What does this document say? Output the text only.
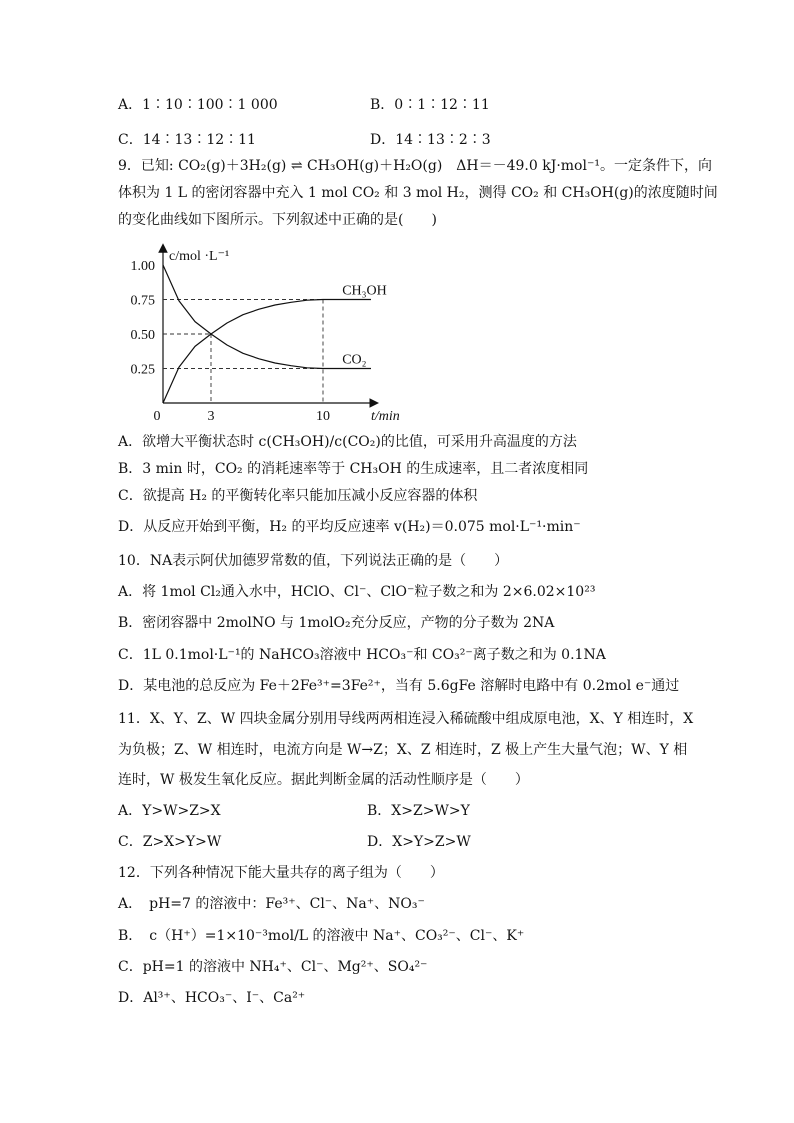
A．1∶10∶100∶1 000	B．0∶1∶12∶11
C．14∶13∶12∶11	D．14∶13∶2∶3
9．已知: CO₂(g)＋3H₂(g) ⇌ CH₃OH(g)＋H₂O(g)　ΔH＝－49.0 kJ·mol⁻¹。一定条件下，向
体积为 1 L 的密闭容器中充入 1 mol CO₂ 和 3 mol H₂，测得 CO₂ 和 CH₃OH(g)的浓度随时间
的变化曲线如下图所示。下列叙述中正确的是(　　)
c/mol ·L⁻¹
t/min
0
1.00
0.75
0.50
0.25
3	10
CH₃OH
CO₂
A．欲增大平衡状态时 c(CH₃OH)/c(CO₂)的比值，可采用升高温度的方法
B．3 min 时，CO₂ 的消耗速率等于 CH₃OH 的生成速率，且二者浓度相同
C．欲提高 H₂ 的平衡转化率只能加压减小反应容器的体积
D．从反应开始到平衡，H₂ 的平均反应速率 v(H₂)＝0.075 mol·L⁻¹·min⁻
10．NA表示阿伏加德罗常数的值，下列说法正确的是（　　）
A．将 1mol Cl₂通入水中，HClO、Cl⁻、ClO⁻粒子数之和为 2×6.02×10²³
B．密闭容器中 2molNO 与 1molO₂充分反应，产物的分子数为 2NA
C．1L 0.1mol·L⁻¹的 NaHCO₃溶液中 HCO₃⁻和 CO₃²⁻离子数之和为 0.1NA
D．某电池的总反应为 Fe＋2Fe³⁺=3Fe²⁺，当有 5.6gFe 溶解时电路中有 0.2mol e⁻通过
11．X、Y、Z、W 四块金属分别用导线两两相连浸入稀硫酸中组成原电池，X、Y 相连时，X
为负极；Z、W 相连时，电流方向是 W→Z；X、Z 相连时，Z 极上产生大量气泡；W、Y 相
连时，W 极发生氧化反应。据此判断金属的活动性顺序是（　　）
A．Y>W>Z>X	B．X>Z>W>Y
C．Z>X>Y>W	D．X>Y>Z>W
12．下列各种情况下能大量共存的离子组为（　　）
A．　pH=7 的溶液中：Fe³⁺、Cl⁻、Na⁺、NO₃⁻
B．　c（H⁺）=1×10⁻³mol/L 的溶液中 Na⁺、CO₃²⁻、Cl⁻、K⁺
C．pH=1 的溶液中 NH₄⁺、Cl⁻、Mg²⁺、SO₄²⁻
D．Al³⁺、HCO₃⁻、I⁻、Ca²⁺
